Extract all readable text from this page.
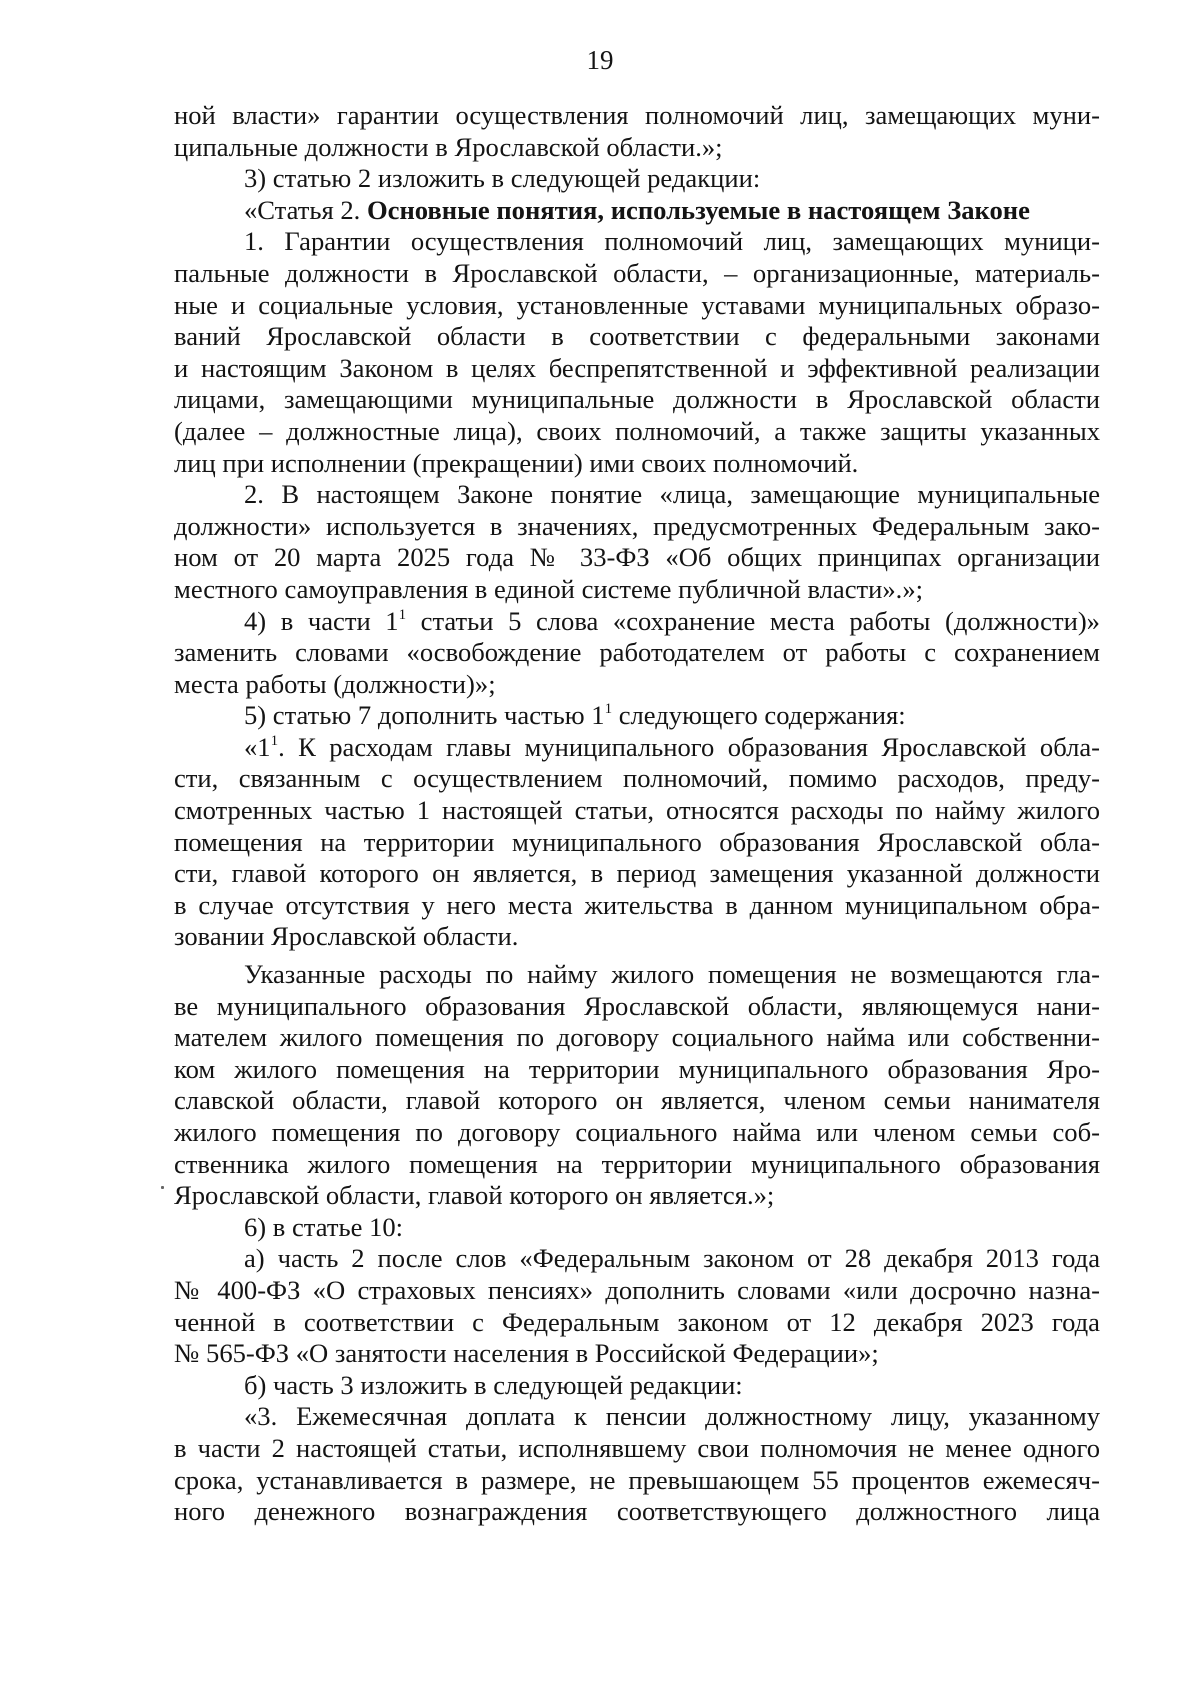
19
ной власти» гарантии осуществления полномочий лиц, замещающих муни-
ципальные должности в Ярославской области.»;
3) статью 2 изложить в следующей редакции:
«Статья 2. Основные понятия, используемые в настоящем Законе
1. Гарантии осуществления полномочий лиц, замещающих муници-
пальные должности в Ярославской области, – организационные, материаль-
ные и социальные условия, установленные уставами муниципальных образо-
ваний Ярославской области в соответствии с федеральными законами
и настоящим Законом в целях беспрепятственной и эффективной реализации
лицами, замещающими муниципальные должности в Ярославской области
(далее – должностные лица), своих полномочий, а также защиты указанных
лиц при исполнении (прекращении) ими своих полномочий.
2. В настоящем Законе понятие «лица, замещающие муниципальные
должности» используется в значениях, предусмотренных Федеральным зако-
ном от 20 марта 2025 года № 33-ФЗ «Об общих принципах организации
местного самоуправления в единой системе публичной власти».»;
4) в части $1^1$ статьи 5 слова «сохранение места работы (должности)»
заменить словами «освобождение работодателем от работы с сохранением
места работы (должности)»;
5) статью 7 дополнить частью $1^1$ следующего содержания:
«$1^1$. К расходам главы муниципального образования Ярославской обла-
сти, связанным с осуществлением полномочий, помимо расходов, преду-
смотренных частью 1 настоящей статьи, относятся расходы по найму жилого
помещения на территории муниципального образования Ярославской обла-
сти, главой которого он является, в период замещения указанной должности
в случае отсутствия у него места жительства в данном муниципальном обра-
зовании Ярославской области.
Указанные расходы по найму жилого помещения не возмещаются гла-
ве муниципального образования Ярославской области, являющемуся нани-
мателем жилого помещения по договору социального найма или собственни-
ком жилого помещения на территории муниципального образования Яро-
славской области, главой которого он является, членом семьи нанимателя
жилого помещения по договору социального найма или членом семьи соб-
ственника жилого помещения на территории муниципального образования
Ярославской области, главой которого он является.»;
6) в статье 10:
а) часть 2 после слов «Федеральным законом от 28 декабря 2013 года
№ 400-ФЗ «О страховых пенсиях» дополнить словами «или досрочно назна-
ченной в соответствии с Федеральным законом от 12 декабря 2023 года
№ 565-ФЗ «О занятости населения в Российской Федерации»;
б) часть 3 изложить в следующей редакции:
«3. Ежемесячная доплата к пенсии должностному лицу, указанному
в части 2 настоящей статьи, исполнявшему свои полномочия не менее одного
срока, устанавливается в размере, не превышающем 55 процентов ежемесяч-
ного денежного вознаграждения соответствующего должностного лица
